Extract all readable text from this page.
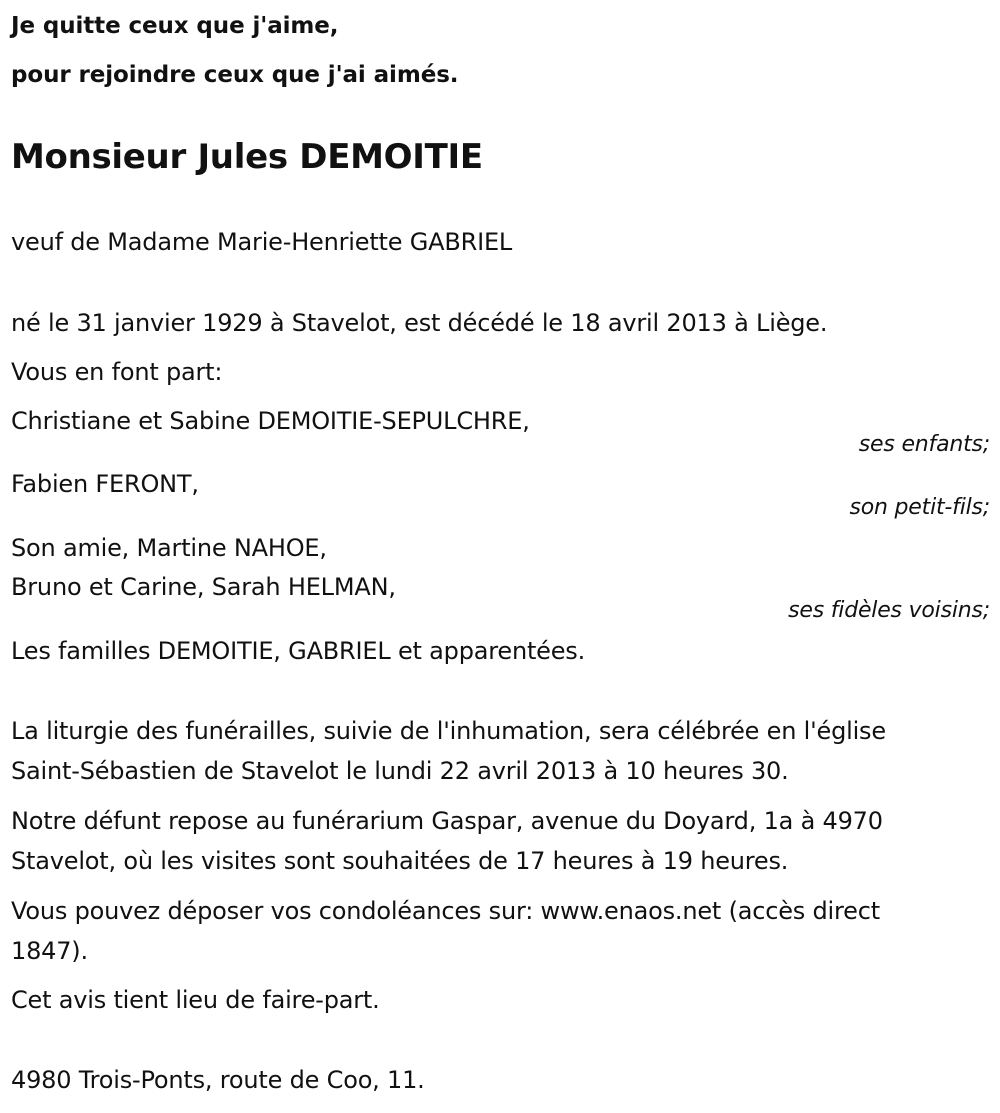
Je quitte ceux que j'aime,
pour rejoindre ceux que j'ai aimés.
Monsieur Jules DEMOITIE
veuf de Madame Marie-Henriette GABRIEL
né le 31 janvier 1929 à Stavelot, est décédé le 18 avril 2013 à Liège.
Vous en font part:
Christiane et Sabine DEMOITIE-SEPULCHRE,
ses enfants;
Fabien FERONT,
son petit-fils;
Son amie, Martine NAHOE,
Bruno et Carine, Sarah HELMAN,
ses fidèles voisins;
Les familles DEMOITIE, GABRIEL et apparentées.
La liturgie des funérailles, suivie de l'inhumation, sera célébrée en l'église
Saint-Sébastien de Stavelot le lundi 22 avril 2013 à 10 heures 30.
Notre défunt repose au funérarium Gaspar, avenue du Doyard, 1a à 4970
Stavelot, où les visites sont souhaitées de 17 heures à 19 heures.
Vous pouvez déposer vos condoléances sur: www.enaos.net (accès direct
1847).
Cet avis tient lieu de faire-part.
4980 Trois-Ponts, route de Coo, 11.
